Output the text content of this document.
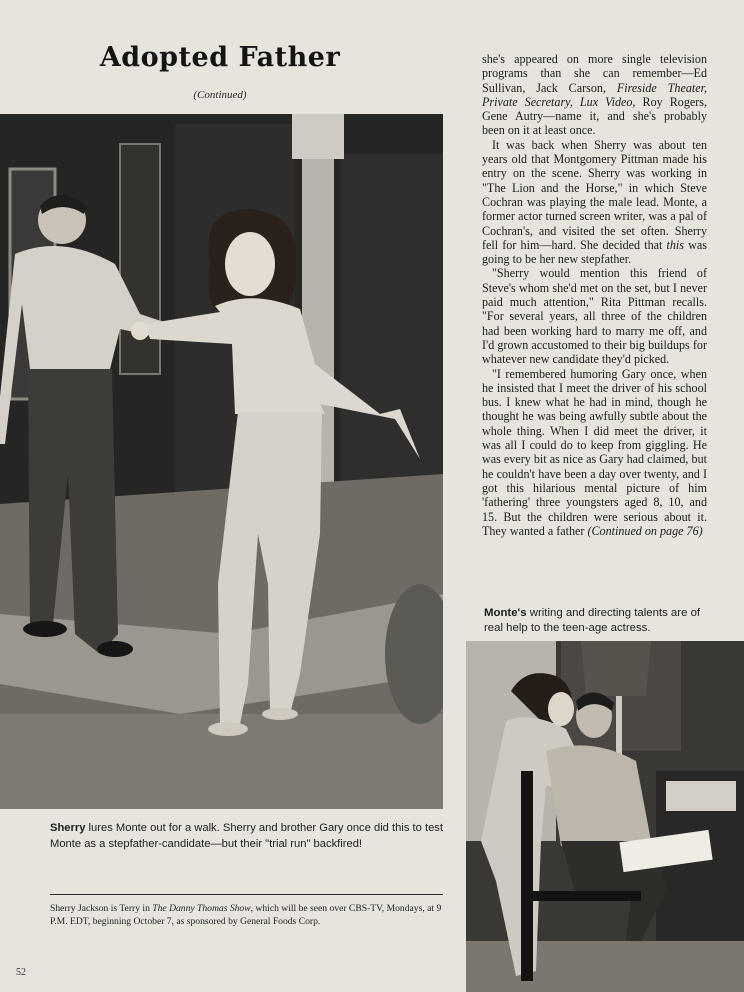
Adopted Father
(Continued)
Sherry lures Monte out for a walk. Sherry and brother Gary once did this to test Monte as a stepfather-candidate—but their "trial run" backfired!
Sherry Jackson is Terry in The Danny Thomas Show, which will be seen over CBS-TV, Mondays, at 9 P.M. EDT, beginning October 7, as sponsored by General Foods Corp.
52

she's appeared on more single television programs than she can remember—Ed Sullivan, Jack Carson, Fireside Theater, Private Secretary, Lux Video, Roy Rogers, Gene Autry—name it, and she's probably been on it at least once.

It was back when Sherry was about ten years old that Montgomery Pittman made his entry on the scene. Sherry was working in "The Lion and the Horse," in which Steve Cochran was playing the male lead. Monte, a former actor turned screen writer, was a pal of Cochran's, and visited the set often. Sherry fell for him—hard. She decided that this was going to be her new stepfather.

"Sherry would mention this friend of Steve's whom she'd met on the set, but I never paid much attention," Rita Pittman recalls. "For several years, all three of the children had been working hard to marry me off, and I'd grown accustomed to their big buildups for whatever new candidate they'd picked.

"I remembered humoring Gary once, when he insisted that I meet the driver of his school bus. I knew what he had in mind, though he thought he was being awfully subtle about the whole thing. When I did meet the driver, it was all I could do to keep from giggling. He was every bit as nice as Gary had claimed, but he couldn't have been a day over twenty, and I got this hilarious mental picture of him 'fathering' three youngsters aged 8, 10, and 15. But the children were serious about it. They wanted a father (Continued on page 76)

Monte's writing and directing talents are of real help to the teen-age actress.
